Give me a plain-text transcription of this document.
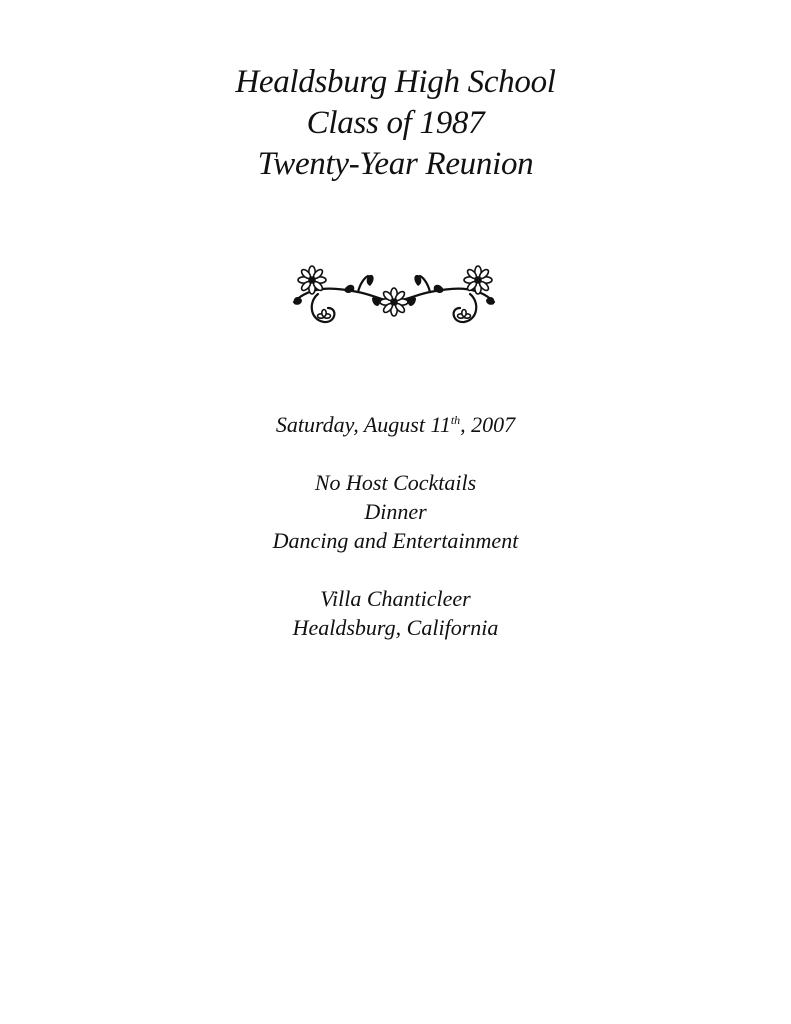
Healdsburg High School
Class of 1987
Twenty-Year Reunion
Saturday, August 11th, 2007
No Host Cocktails
Dinner
Dancing and Entertainment
Villa Chanticleer
Healdsburg, California
